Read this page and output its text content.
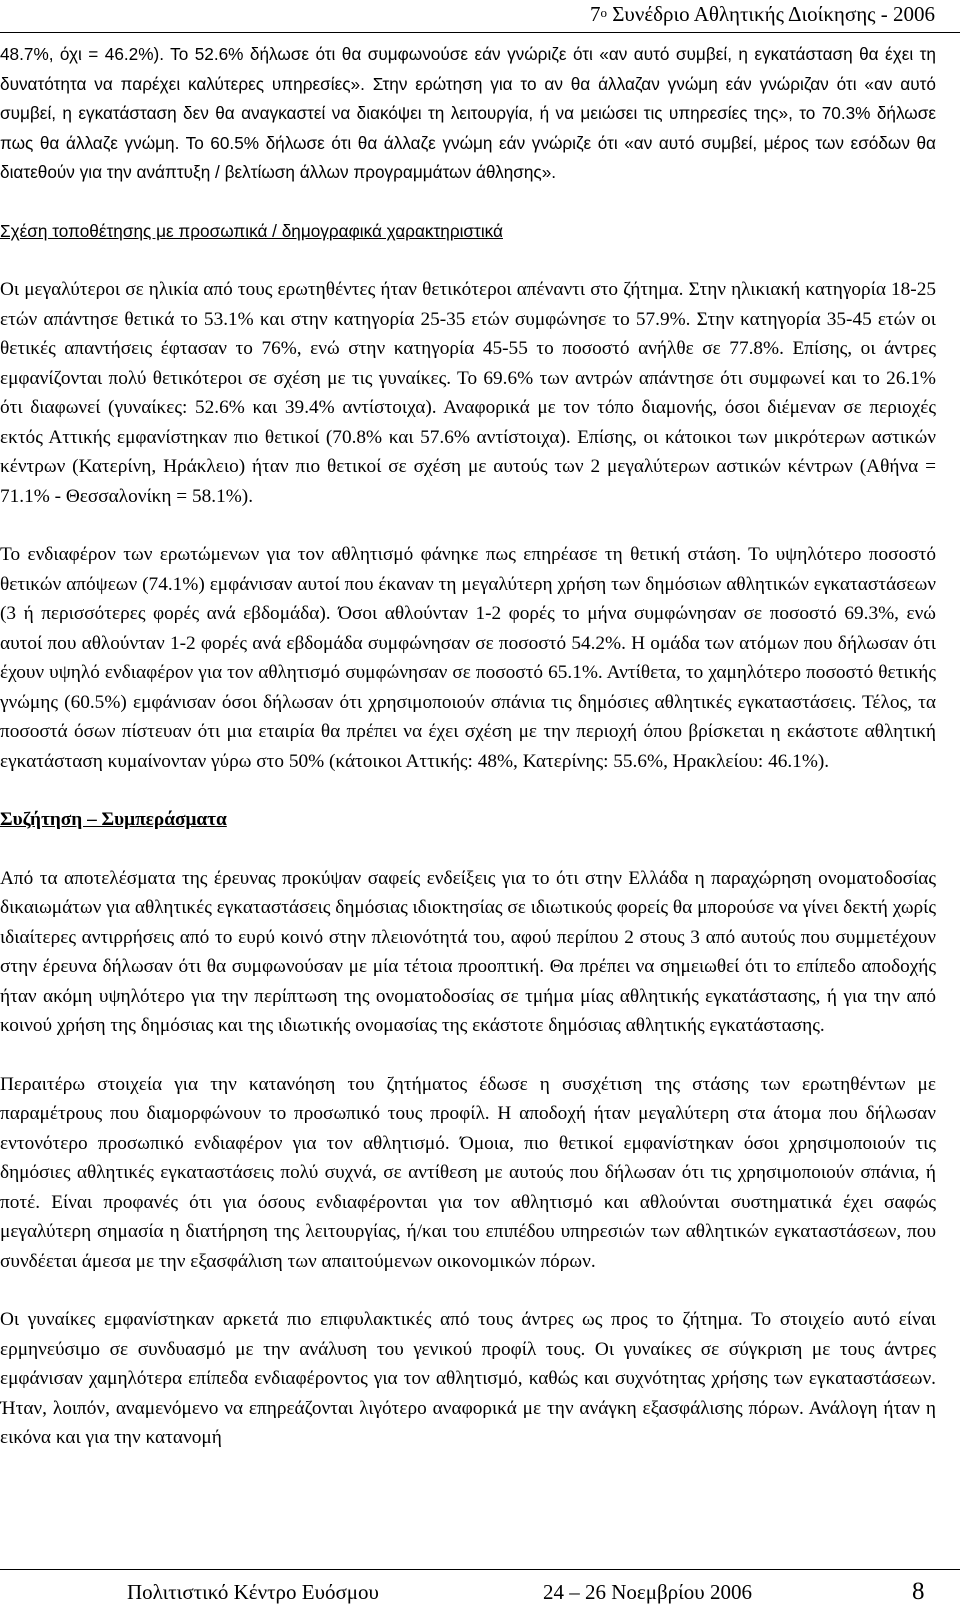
$7^o$ Συνέδριο Αθλητικής Διοίκησης - 2006

48.7%, όχι = 46.2%). Το 52.6% δήλωσε ότι θα συμφωνούσε εάν γνώριζε ότι «αν αυτό συμβεί, η εγκατάσταση θα έχει τη δυνατότητα να παρέχει καλύτερες υπηρεσίες». Στην ερώτηση για το αν θα άλλαζαν γνώμη εάν γνώριζαν ότι «αν αυτό συμβεί, η εγκατάσταση δεν θα αναγκαστεί να διακόψει τη λειτουργία, ή να μειώσει τις υπηρεσίες της», το 70.3% δήλωσε πως θα άλλαζε γνώμη. Το 60.5% δήλωσε ότι θα άλλαζε γνώμη εάν γνώριζε ότι «αν αυτό συμβεί, μέρος των εσόδων θα διατεθούν για την ανάπτυξη / βελτίωση άλλων προγραμμάτων άθλησης».

Σχέση τοποθέτησης με προσωπικά / δημογραφικά χαρακτηριστικά

Οι μεγαλύτεροι σε ηλικία από τους ερωτηθέντες ήταν θετικότεροι απέναντι στο ζήτημα. Στην ηλικιακή κατηγορία 18-25 ετών απάντησε θετικά το 53.1% και στην κατηγορία 25-35 ετών συμφώνησε το 57.9%. Στην κατηγορία 35-45 ετών οι θετικές απαντήσεις έφτασαν το 76%, ενώ στην κατηγορία 45-55 το ποσοστό ανήλθε σε 77.8%. Επίσης, οι άντρες εμφανίζονται πολύ θετικότεροι σε σχέση με τις γυναίκες. Το 69.6% των αντρών απάντησε ότι συμφωνεί και το 26.1% ότι διαφωνεί (γυναίκες: 52.6% και 39.4% αντίστοιχα). Αναφορικά με τον τόπο διαμονής, όσοι διέμεναν σε περιοχές εκτός Αττικής εμφανίστηκαν πιο θετικοί (70.8% και 57.6% αντίστοιχα). Επίσης, οι κάτοικοι των μικρότερων αστικών κέντρων (Κατερίνη, Ηράκλειο) ήταν πιο θετικοί σε σχέση με αυτούς των 2 μεγαλύτερων αστικών κέντρων (Αθήνα = 71.1% - Θεσσαλονίκη = 58.1%).

Το ενδιαφέρον των ερωτώμενων για τον αθλητισμό φάνηκε πως επηρέασε τη θετική στάση. Το υψηλότερο ποσοστό θετικών απόψεων (74.1%) εμφάνισαν αυτοί που έκαναν τη μεγαλύτερη χρήση των δημόσιων αθλητικών εγκαταστάσεων (3 ή περισσότερες φορές ανά εβδομάδα). Όσοι αθλούνταν 1-2 φορές το μήνα συμφώνησαν σε ποσοστό 69.3%, ενώ αυτοί που αθλούνταν 1-2 φορές ανά εβδομάδα συμφώνησαν σε ποσοστό 54.2%. Η ομάδα των ατόμων που δήλωσαν ότι έχουν υψηλό ενδιαφέρον για τον αθλητισμό συμφώνησαν σε ποσοστό 65.1%. Αντίθετα, το χαμηλότερο ποσοστό θετικής γνώμης (60.5%) εμφάνισαν όσοι δήλωσαν ότι χρησιμοποιούν σπάνια τις δημόσιες αθλητικές εγκαταστάσεις. Τέλος, τα ποσοστά όσων πίστευαν ότι μια εταιρία θα πρέπει να έχει σχέση με την περιοχή όπου βρίσκεται η εκάστοτε αθλητική εγκατάσταση κυμαίνονταν γύρω στο 50% (κάτοικοι Αττικής: 48%, Κατερίνης: 55.6%, Ηρακλείου: 46.1%).

Συζήτηση – Συμπεράσματα

Από τα αποτελέσματα της έρευνας προκύψαν σαφείς ενδείξεις για το ότι στην Ελλάδα η παραχώρηση ονοματοδοσίας δικαιωμάτων για αθλητικές εγκαταστάσεις δημόσιας ιδιοκτησίας σε ιδιωτικούς φορείς θα μπορούσε να γίνει δεκτή χωρίς ιδιαίτερες αντιρρήσεις από το ευρύ κοινό στην πλειονότητά του, αφού περίπου 2 στους 3 από αυτούς που συμμετέχουν στην έρευνα δήλωσαν ότι θα συμφωνούσαν με μία τέτοια προοπτική. Θα πρέπει να σημειωθεί ότι το επίπεδο αποδοχής ήταν ακόμη υψηλότερο για την περίπτωση της ονοματοδοσίας σε τμήμα μίας αθλητικής εγκατάστασης, ή για την από κοινού χρήση της δημόσιας και της ιδιωτικής ονομασίας της εκάστοτε δημόσιας αθλητικής εγκατάστασης.

Περαιτέρω στοιχεία για την κατανόηση του ζητήματος έδωσε η συσχέτιση της στάσης των ερωτηθέντων με παραμέτρους που διαμορφώνουν το προσωπικό τους προφίλ. Η αποδοχή ήταν μεγαλύτερη στα άτομα που δήλωσαν εντονότερο προσωπικό ενδιαφέρον για τον αθλητισμό. Όμοια, πιο θετικοί εμφανίστηκαν όσοι χρησιμοποιούν τις δημόσιες αθλητικές εγκαταστάσεις πολύ συχνά, σε αντίθεση με αυτούς που δήλωσαν ότι τις χρησιμοποιούν σπάνια, ή ποτέ. Είναι προφανές ότι για όσους ενδιαφέρονται για τον αθλητισμό και αθλούνται συστηματικά έχει σαφώς μεγαλύτερη σημασία η διατήρηση της λειτουργίας, ή/και του επιπέδου υπηρεσιών των αθλητικών εγκαταστάσεων, που συνδέεται άμεσα με την εξασφάλιση των απαιτούμενων οικονομικών πόρων.

Οι γυναίκες εμφανίστηκαν αρκετά πιο επιφυλακτικές από τους άντρες ως προς το ζήτημα. Το στοιχείο αυτό είναι ερμηνεύσιμο σε συνδυασμό με την ανάλυση του γενικού προφίλ τους. Οι γυναίκες σε σύγκριση με τους άντρες εμφάνισαν χαμηλότερα επίπεδα ενδιαφέροντος για τον αθλητισμό, καθώς και συχνότητας χρήσης των εγκαταστάσεων. Ήταν, λοιπόν, αναμενόμενο να επηρεάζονται λιγότερο αναφορικά με την ανάγκη εξασφάλισης πόρων. Ανάλογη ήταν η εικόνα και για την κατανομή

Πολιτιστικό Κέντρο Ευόσμου	24 – 26 Νοεμβρίου 2006	8
